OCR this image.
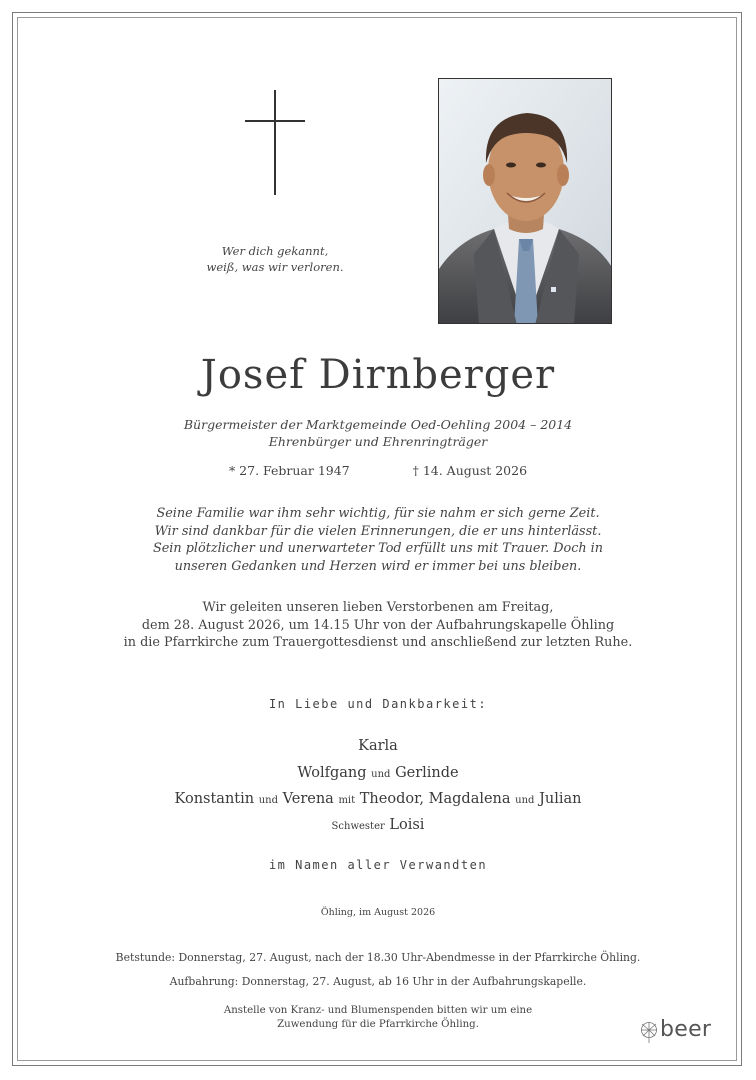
Wer dich gekannt,
weiß, was wir verloren.
Josef Dirnberger
Bürgermeister der Marktgemeinde Oed-Oehling 2004 – 2014
Ehrenbürger und Ehrenringträger
* 27. Februar 1947	† 14. August 2026
Seine Familie war ihm sehr wichtig, für sie nahm er sich gerne Zeit.
Wir sind dankbar für die vielen Erinnerungen, die er uns hinterlässt.
Sein plötzlicher und unerwarteter Tod erfüllt uns mit Trauer. Doch in
unseren Gedanken und Herzen wird er immer bei uns bleiben.
Wir geleiten unseren lieben Verstorbenen am Freitag,
dem 28. August 2026, um 14.15 Uhr von der Aufbahrungskapelle Öhling
in die Pfarrkirche zum Trauergottesdienst und anschließend zur letzten Ruhe.
In Liebe und Dankbarkeit:
Karla
Wolfgang und Gerlinde
Konstantin und Verena mit Theodor, Magdalena und Julian
Schwester Loisi
im Namen aller Verwandten
Öhling, im August 2026
Betstunde: Donnerstag, 27. August, nach der 18.30 Uhr-Abendmesse in der Pfarrkirche Öhling.
Aufbahrung: Donnerstag, 27. August, ab 16 Uhr in der Aufbahrungskapelle.
Anstelle von Kranz- und Blumenspenden bitten wir um eine
Zuwendung für die Pfarrkirche Öhling.	beer
